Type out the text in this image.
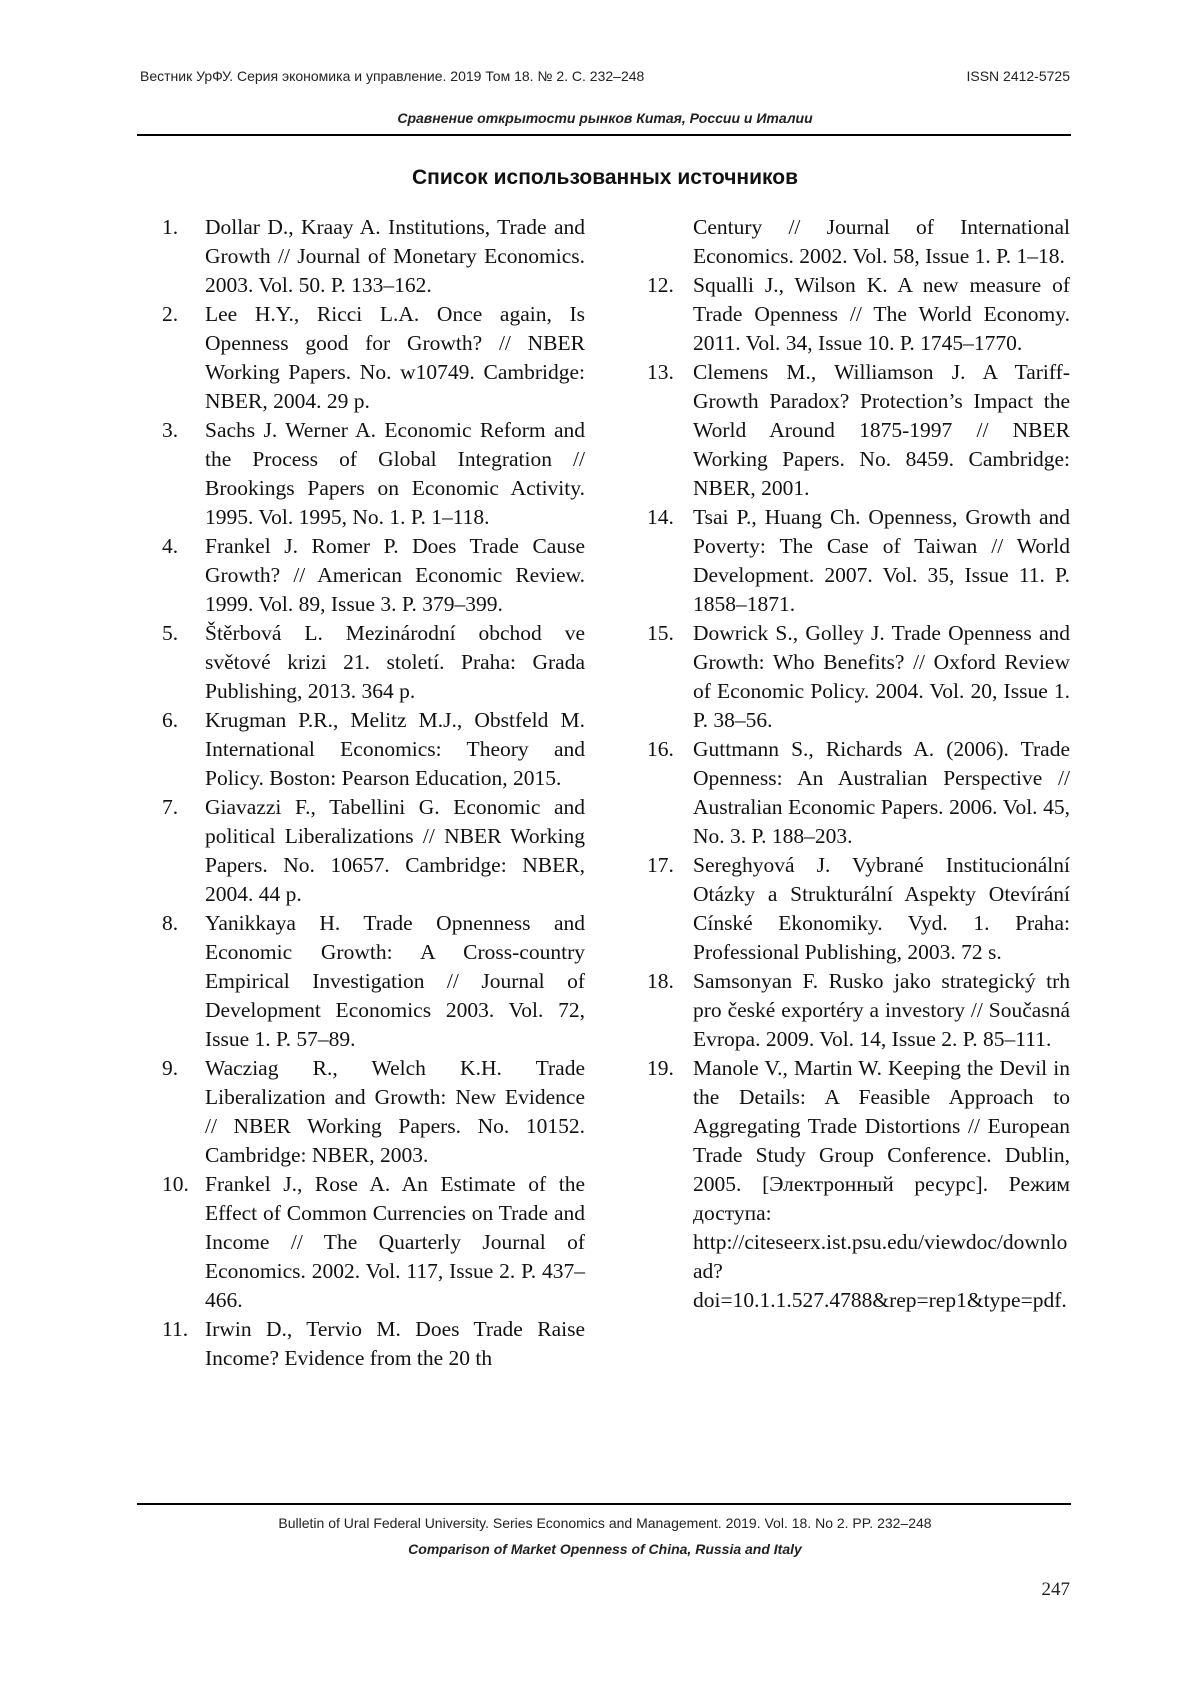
Вестник УрФУ. Серия экономика и управление. 2019 Том 18. № 2. С. 232–248	ISSN 2412-5725
Сравнение открытости рынков Китая, России и Италии
Список использованных источников
1. Dollar D., Kraay A. Institutions, Trade and Growth // Journal of Monetary Economics. 2003. Vol. 50. P. 133–162.
2. Lee H.Y., Ricci L.A. Once again, Is Openness good for Growth? // NBER Working Papers. No. w10749. Cambridge: NBER, 2004. 29 p.
3. Sachs J. Werner A. Economic Reform and the Process of Global Integration // Brookings Papers on Economic Activity. 1995. Vol. 1995, No. 1. P. 1–118.
4. Frankel J. Romer P. Does Trade Cause Growth? // American Economic Review. 1999. Vol. 89, Issue 3. P. 379–399.
5. Štěrbová L. Mezinárodní obchod ve světové krizi 21. století. Praha: Grada Publishing, 2013. 364 p.
6. Krugman P.R., Melitz M.J., Obstfeld M. International Economics: Theory and Policy. Boston: Pearson Education, 2015.
7. Giavazzi F., Tabellini G. Economic and political Liberalizations // NBER Working Papers. No. 10657. Cambridge: NBER, 2004. 44 p.
8. Yanikkaya H. Trade Opnenness and Economic Growth: A Cross-country Empirical Investigation // Journal of Development Economics 2003. Vol. 72, Issue 1. P. 57–89.
9. Wacziag R., Welch K.H. Trade Liberalization and Growth: New Evidence // NBER Working Papers. No. 10152. Cambridge: NBER, 2003.
10. Frankel J., Rose A. An Estimate of the Effect of Common Currencies on Trade and Income // The Quarterly Journal of Economics. 2002. Vol. 117, Issue 2. P. 437–466.
11. Irwin D., Tervio M. Does Trade Raise Income? Evidence from the 20 th
Century // Journal of International Economics. 2002. Vol. 58, Issue 1. P. 1–18.
12. Squalli J., Wilson K. A new measure of Trade Openness // The World Economy. 2011. Vol. 34, Issue 10. P. 1745–1770.
13. Clemens M., Williamson J. A Tariff-Growth Paradox? Protection’s Impact the World Around 1875-1997 // NBER Working Papers. No. 8459. Cambridge: NBER, 2001.
14. Tsai P., Huang Ch. Openness, Growth and Poverty: The Case of Taiwan // World Development. 2007. Vol. 35, Issue 11. P. 1858–1871.
15. Dowrick S., Golley J. Trade Openness and Growth: Who Benefits? // Oxford Review of Economic Policy. 2004. Vol. 20, Issue 1. P. 38–56.
16. Guttmann S., Richards A. (2006). Trade Openness: An Australian Perspective // Australian Economic Papers. 2006. Vol. 45, No. 3. P. 188–203.
17. Sereghyová J. Vybrané Institucionální Otázky a Strukturální Aspekty Otevírání Cínské Ekonomiky. Vyd. 1. Praha: Professional Publishing, 2003. 72 s.
18. Samsonyan F. Rusko jako strategický trh pro české exportéry a investory // Současná Evropa. 2009. Vol. 14, Issue 2. P. 85–111.
19. Manole V., Martin W. Keeping the Devil in the Details: A Feasible Approach to Aggregating Trade Distortions // European Trade Study Group Conference. Dublin, 2005. [Электронный ресурс]. Режим доступа: http://citeseerx.ist.psu.edu/viewdoc/download?doi=10.1.1.527.4788&rep=rep1&type=pdf.
Bulletin of Ural Federal University. Series Economics and Management. 2019. Vol. 18. No 2. PP. 232–248
Comparison of Market Openness of China, Russia and Italy
247
